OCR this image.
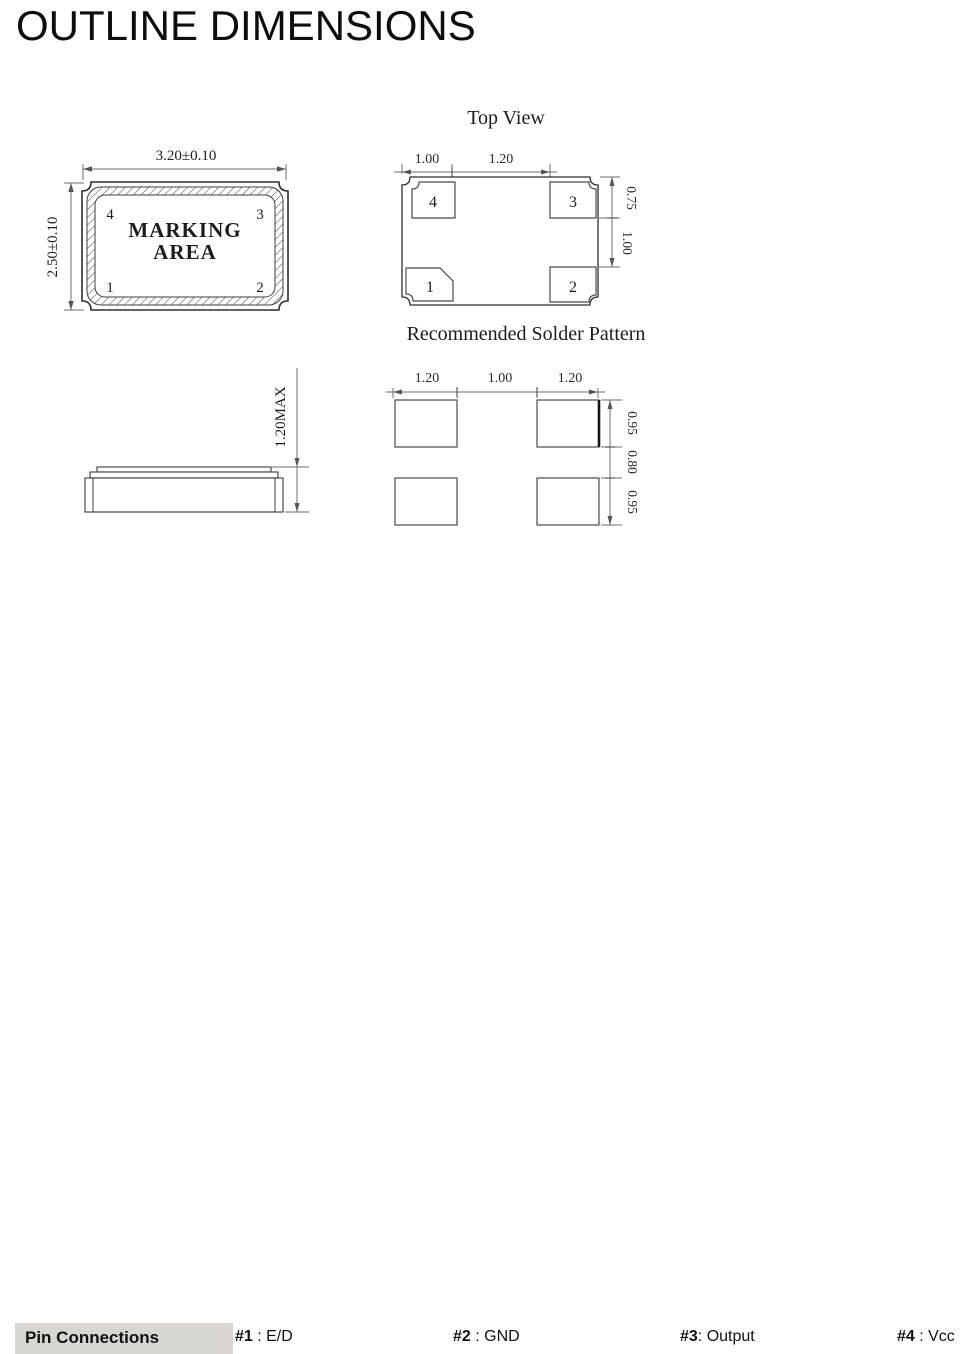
OUTLINE DIMENSIONS
3.20±0.10
2.50±0.10
4	3
1	2
MARKING
AREA
Top View
1.00	1.20
4	3
1	2
0.75
1.00
1.20MAX
Recommended Solder Pattern
1.20	1.00	1.20
0.95
0.80
0.95
Pin Connections	#1 : E/D	#2 : GND	#3: Output	#4 : Vcc
